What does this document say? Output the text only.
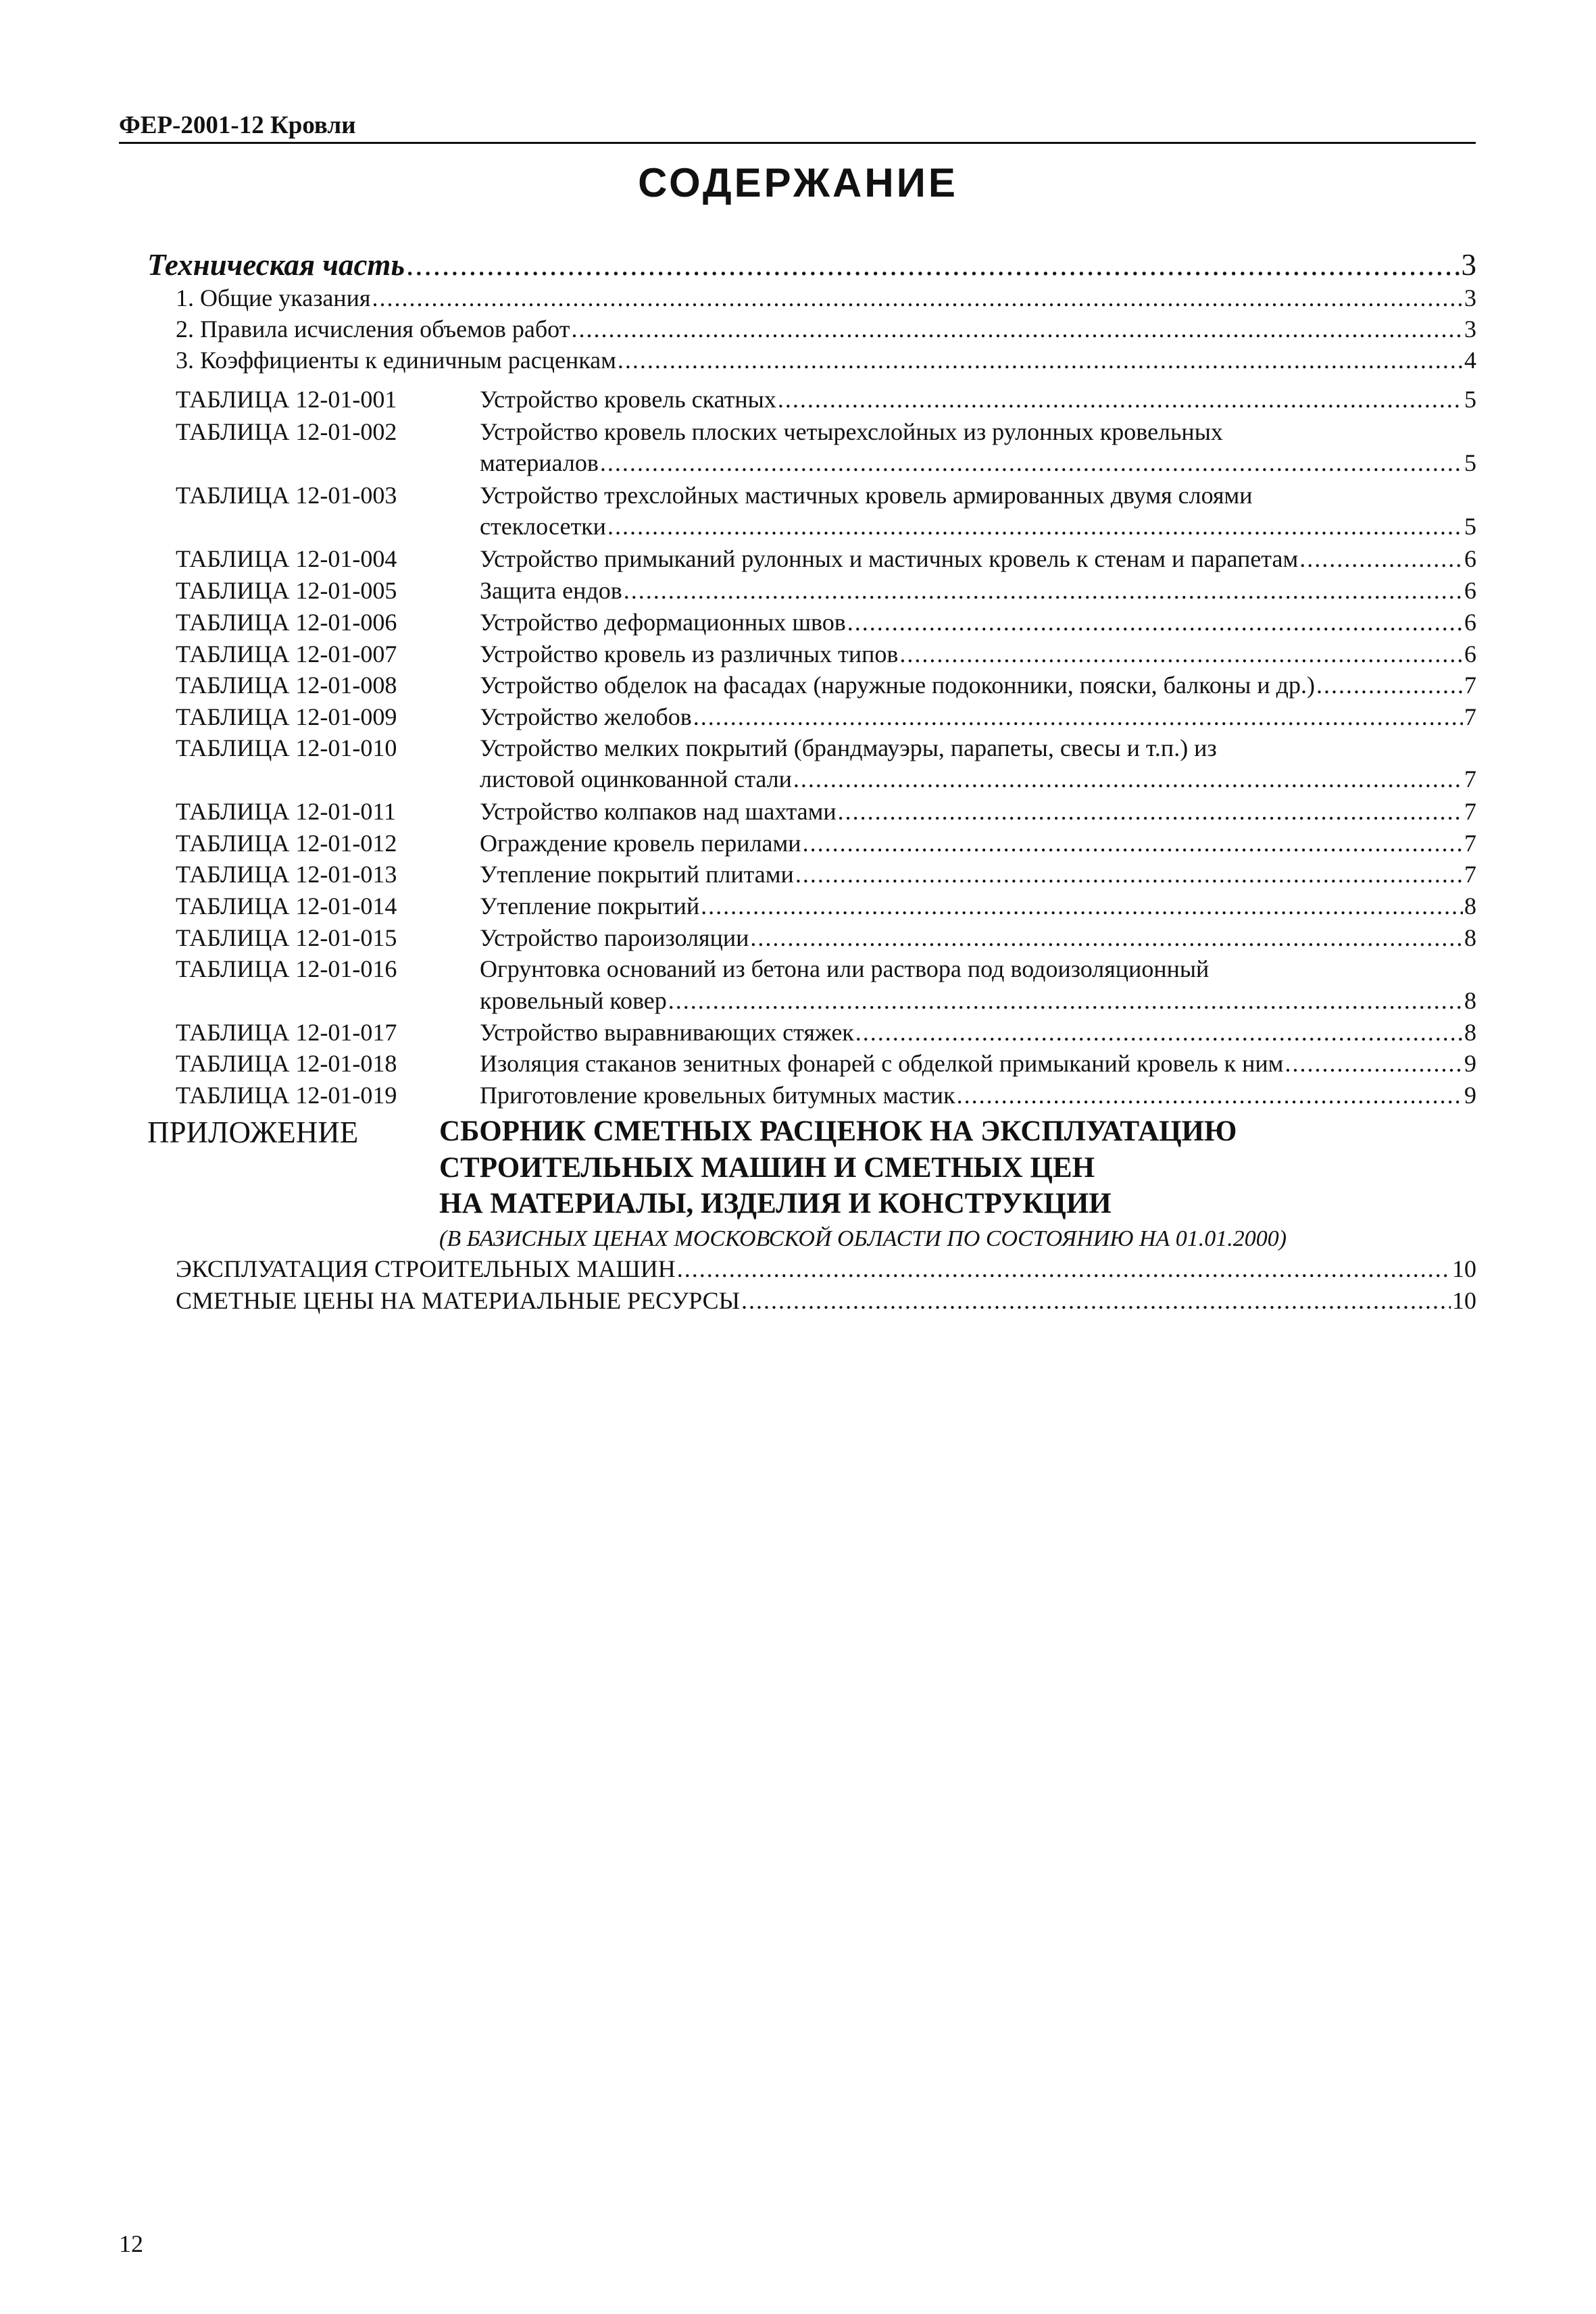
ФЕР-2001-12 Кровли
СОДЕРЖАНИЕ
Техническая часть .....	3
1. Общие указания .....	3
2. Правила исчисления объемов работ .....	3
3. Коэффициенты к единичным расценкам .....	4
ТАБЛИЦА 12-01-001	Устройство кровель скатных .....	5
ТАБЛИЦА 12-01-002	Устройство кровель плоских четырехслойных из рулонных кровельных
материалов .....	5
ТАБЛИЦА 12-01-003	Устройство трехслойных мастичных кровель армированных двумя слоями
стеклосетки .....	5
ТАБЛИЦА 12-01-004	Устройство примыканий рулонных и мастичных кровель к стенам и парапетам .....	6
ТАБЛИЦА 12-01-005	Защита ендов .....	6
ТАБЛИЦА 12-01-006	Устройство деформационных швов .....	6
ТАБЛИЦА 12-01-007	Устройство кровель из различных типов .....	6
ТАБЛИЦА 12-01-008	Устройство обделок на фасадах (наружные подоконники, пояски, балконы и др.) .....	7
ТАБЛИЦА 12-01-009	Устройство желобов .....	7
ТАБЛИЦА 12-01-010	Устройство мелких покрытий (брандмауэры, парапеты, свесы и т.п.) из
листовой оцинкованной стали .....	7
ТАБЛИЦА 12-01-011	Устройство колпаков над шахтами .....	7
ТАБЛИЦА 12-01-012	Ограждение кровель перилами .....	7
ТАБЛИЦА 12-01-013	Утепление покрытий плитами .....	7
ТАБЛИЦА 12-01-014	Утепление покрытий .....	8
ТАБЛИЦА 12-01-015	Устройство пароизоляции .....	8
ТАБЛИЦА 12-01-016	Огрунтовка оснований из бетона или раствора под водоизоляционный
кровельный ковер .....	8
ТАБЛИЦА 12-01-017	Устройство выравнивающих стяжек .....	8
ТАБЛИЦА 12-01-018	Изоляция стаканов зенитных фонарей с обделкой примыканий кровель к ним .....	9
ТАБЛИЦА 12-01-019	Приготовление кровельных битумных мастик .....	9
ПРИЛОЖЕНИЕ	СБОРНИК СМЕТНЫХ РАСЦЕНОК НА ЭКСПЛУАТАЦИЮ
СТРОИТЕЛЬНЫХ МАШИН И СМЕТНЫХ ЦЕН
НА МАТЕРИАЛЫ, ИЗДЕЛИЯ И КОНСТРУКЦИИ
(В БАЗИСНЫХ ЦЕНАХ МОСКОВСКОЙ ОБЛАСТИ ПО СОСТОЯНИЮ НА 01.01.2000)
ЭКСПЛУАТАЦИЯ СТРОИТЕЛЬНЫХ МАШИН .....	10
СМЕТНЫЕ ЦЕНЫ НА МАТЕРИАЛЬНЫЕ РЕСУРСЫ .....	10
12
